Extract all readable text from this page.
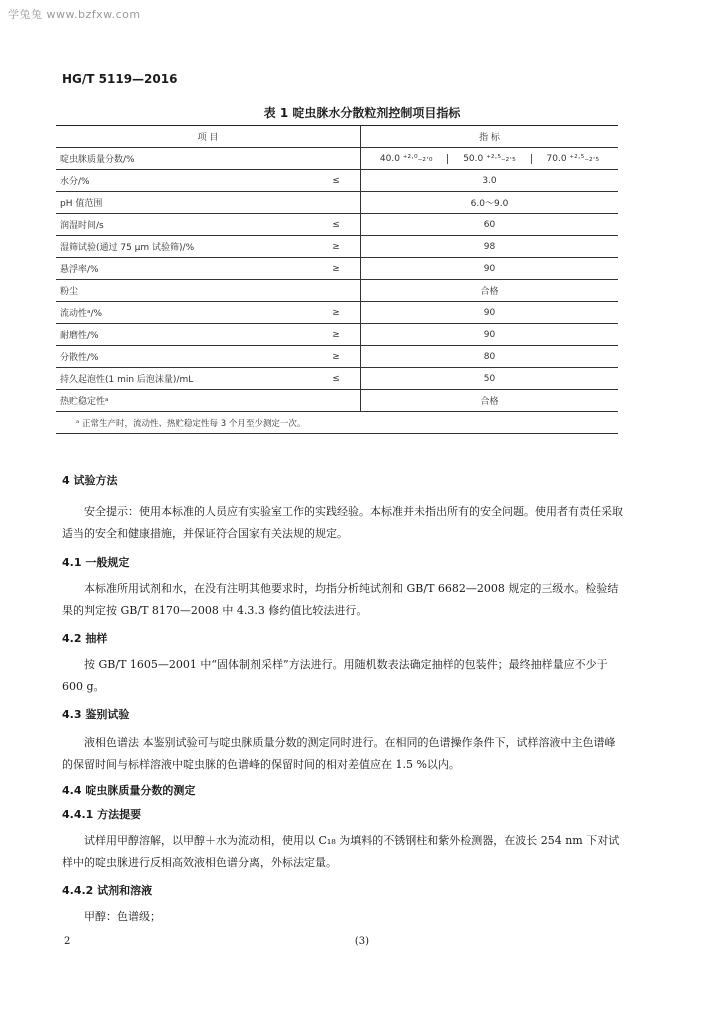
学兔兔 www.bzfxw.com
HG/T 5119—2016
表 1 啶虫脒水分散粒剂控制项目指标
项 目		指 标
啶虫脒质量分数/%		40.0 ⁺²·⁰₋₂·₀ 50.0 ⁺²·⁵₋₂·₅ 70.0 ⁺²·⁵₋₂·₅

水分/%	≤	3.0
pH 值范围		6.0～9.0
润湿时间/s	≤	60
湿筛试验(通过 75 μm 试验筛)/%	≥	98
悬浮率/%	≥	90
粉尘		合格
流动性ᵃ/%	≥	90
耐磨性/%	≥	90
分散性/%	≥	80
持久起泡性(1 min 后泡沫量)/mL	≤	50
热贮稳定性ᵃ		合格
ᵃ 正常生产时，流动性、热贮稳定性每 3 个月至少测定一次。		
4 试验方法
安全提示：使用本标准的人员应有实验室工作的实践经验。本标准并未指出所有的安全问题。使用者有责任采取适当的安全和健康措施，并保证符合国家有关法规的规定。
4.1 一般规定
本标准所用试剂和水，在没有注明其他要求时，均指分析纯试剂和 GB/T 6682—2008 规定的三级水。检验结果的判定按 GB/T 8170—2008 中 4.3.3 修约值比较法进行。
4.2 抽样
按 GB/T 1605—2001 中“固体制剂采样”方法进行。用随机数表法确定抽样的包装件；最终抽样量应不少于 600 g。
4.3 鉴别试验
液相色谱法 本鉴别试验可与啶虫脒质量分数的测定同时进行。在相同的色谱操作条件下，试样溶液中主色谱峰的保留时间与标样溶液中啶虫脒的色谱峰的保留时间的相对差值应在 1.5 %以内。
4.4 啶虫脒质量分数的测定
4.4.1 方法提要
试样用甲醇溶解，以甲醇＋水为流动相，使用以 C₁₈ 为填料的不锈钢柱和紫外检测器，在波长 254 nm 下对试样中的啶虫脒进行反相高效液相色谱分离，外标法定量。
4.4.2 试剂和溶液
甲醇：色谱级；
2	(3)
